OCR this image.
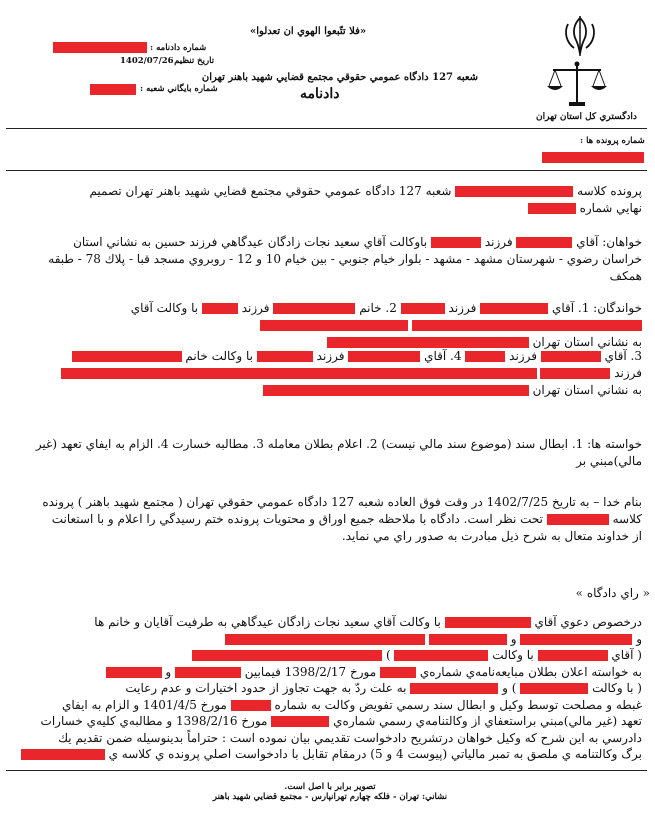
شماره دادنامه :
1402/07/26
تاريخ تنظيم :
شماره بايگاني شعبه :
«فلا تتّبعوا الهوي ان تعدلوا»
شعبه 127 دادگاه عمومي حقوقي مجتمع قضايي شهيد باهنر تهران
دادنامه
دادگستري كل استان تهران
شماره پرونده ها :
پرونده كلاسه  شعبه 127 دادگاه عمومي حقوقي مجتمع قضايي شهيد باهنر تهران تصميم
نهايي شماره
خواهان: آقاي  فرزند  باوكالت آقاي سعيد نجات زادگان عيدگاهي فرزند حسين به نشاني استان
خراسان رضوي - شهرستان مشهد - مشهد - بلوار خيام جنوبي - بين خيام 10 و 12 - روبروي مسجد قبا - پلاك 78 - طبقه
همكف
خواندگان: 1. آقاي  فرزند  2. خانم  فرزند  با وكالت آقاي

به نشاني استان تهران
3. آقاي  فرزند  4. آقاي  فرزند  با وكالت خانم
فرزند
به نشاني استان تهران
خواسته ها: 1. ابطال سند (موضوع سند مالي نيست) 2. اعلام بطلان معامله 3. مطالبه خسارت 4. الزام به ايفاي تعهد (غير
مالي)مبني بر
بنام خدا – به تاريخ 1402/7/25 در وقت فوق العاده شعبه 127 دادگاه عمومي حقوقي تهران ( مجتمع شهيد باهنر ) پرونده
كلاسه  تحت نظر است. دادگاه با ملاحظه جميع اوراق و محتويات پرونده ختم رسيدگي را اعلام و با استعانت
از خداوند متعال به شرح ذيل مبادرت به صدور راي مي نمايد.
« راي دادگاه »
درخصوص دعوي آقاي  با وكالت آقاي سعيد نجات زادگان عيدگاهي به طرفيت آقايان و خانم ها
و  و
( آقاي  با وكالت  )
به خواسته اعلان بطلان مبايعه‌نامه‌ي شماره‌ي  مورخ 1398/2/17 فيمابين  و
( با وكالت  ) و  به علت ردّ به جهت تجاوز از حدود اختيارات و عدم رعايت
غبطه و مصلحت توسط وكيل و ابطال سند رسمي تفويض وكالت به شماره  مورخ 1401/4/5 و الزام به ايفاي
تعهد (غير مالي)مبني براستعفاي از وكالتنامه‌ي رسمي شماره‌ي  مورخ 1398/2/16 و مطالبه‌ي كليه‌ي خسارات
دادرسي به اين شرح كه وكيل خواهان درتشريح دادخواست تقديمي بيان نموده است : حتراماً بدينوسيله ضمن تقديم يك
برگ وكالتنامه ي ملصق به تمبر مالياتي (پيوست 4 و 5) درمقام تقابل با دادخواست اصلي پرونده ي كلاسه ي
تصوير برابر با اصل است.
نشاني: تهران - فلكه چهارم تهرانپارس - مجتمع قضايي شهيد باهنر
